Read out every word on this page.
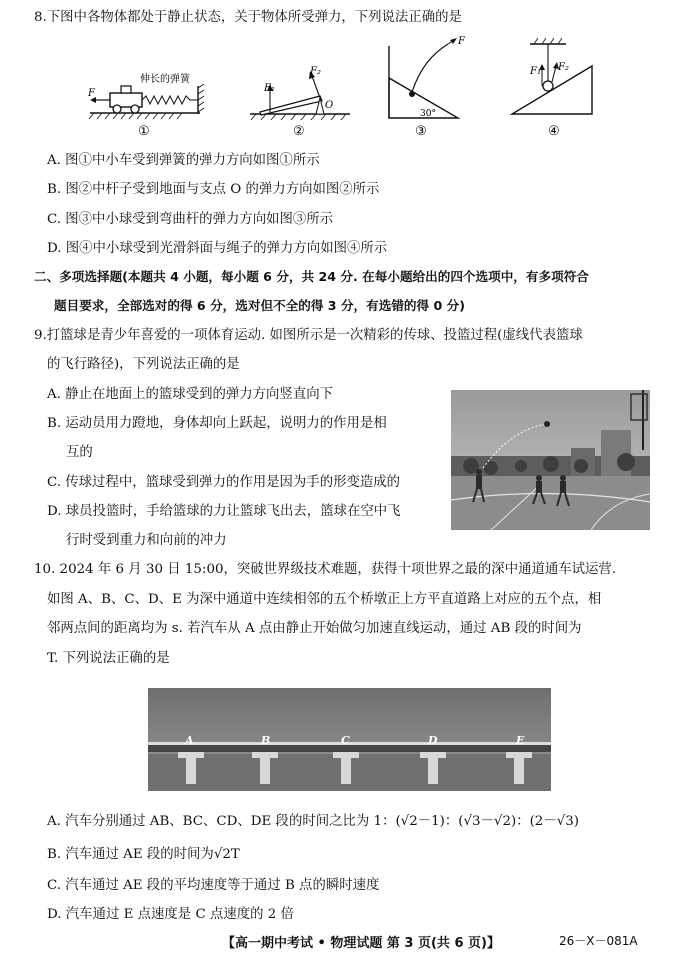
8.下图中各物体都处于静止状态，关于物体所受弹力，下列说法正确的是
F
伸长的弹簧
①
F₁
F₂
O
②
F
30°
③
F₁ F₂
④
A. 图①中小车受到弹簧的弹力方向如图①所示
B. 图②中杆子受到地面与支点 O 的弹力方向如图②所示
C. 图③中小球受到弯曲杆的弹力方向如图③所示
D. 图④中小球受到光滑斜面与绳子的弹力方向如图④所示
二、多项选择题(本题共 4 小题，每小题 6 分，共 24 分. 在每小题给出的四个选项中，有多项符合
题目要求，全部选对的得 6 分，选对但不全的得 3 分，有选错的得 0 分)
9.打篮球是青少年喜爱的一项体育运动. 如图所示是一次精彩的传球、投篮过程(虚线代表篮球
的飞行路径)，下列说法正确的是
A. 静止在地面上的篮球受到的弹力方向竖直向下
B. 运动员用力蹬地，身体却向上跃起，说明力的作用是相
互的
C. 传球过程中，篮球受到弹力的作用是因为手的形变造成的
D. 球员投篮时，手给篮球的力让篮球飞出去，篮球在空中飞
行时受到重力和向前的冲力
10. 2024 年 6 月 30 日 15:00，突破世界级技术难题，获得十项世界之最的深中通道通车试运营.
如图 A、B、C、D、E 为深中通道中连续相邻的五个桥墩正上方平直道路上对应的五个点，相
邻两点间的距离均为 s. 若汽车从 A 点由静止开始做匀加速直线运动，通过 AB 段的时间为
T. 下列说法正确的是
A	B	C	D	E
A. 汽车分别通过 AB、BC、CD、DE 段的时间之比为 1：(√2－1)：(√3－√2)：(2－√3)
B. 汽车通过 AE 段的时间为√2T
C. 汽车通过 AE 段的平均速度等于通过 B 点的瞬时速度
D. 汽车通过 E 点速度是 C 点速度的 2 倍
【高一期中考试 • 物理试题 第 3 页(共 6 页)】	26－X－081A
